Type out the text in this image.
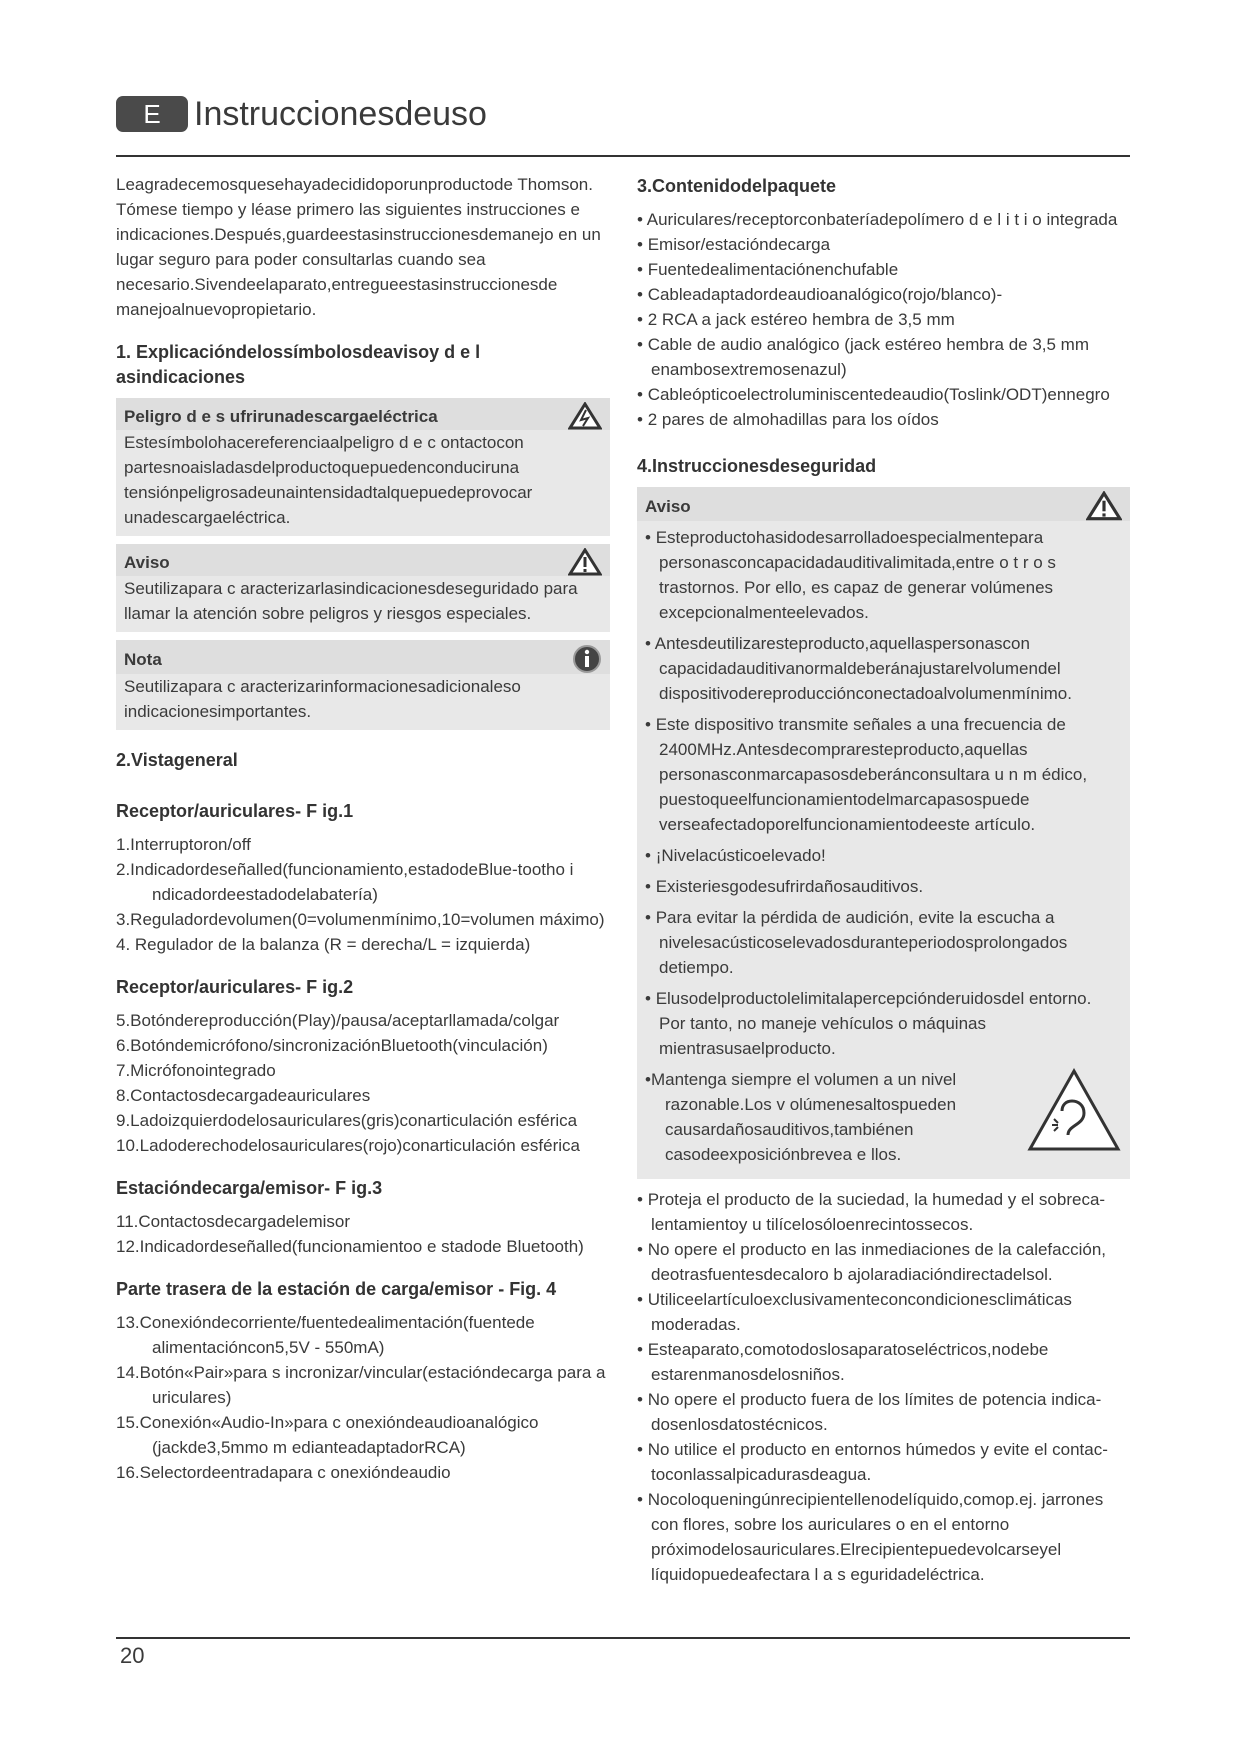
E Instruccionesdeuso

Leagradecemosquesehayadecididoporunproductode Thomson.

Tómese tiempo y léase primero las siguientes instrucciones e indicaciones.Después,guardeestasinstruccionesdemanejo en un lugar seguro para poder consultarlas cuando sea necesario.Sivendeelaparato,entregueestasinstruccionesde manejoalnuevopropietario.

1. Explicacióndelossímbolosdeavisoy d e l asindicaciones
Peligro d e s ufrirunadescargaeléctrica

Estesímbolohacereferenciaalpeligro d e c ontactocon partesnoaisladasdelproductoquepuedenconduciruna tensiónpeligrosadeunaintensidadtalquepuedeprovocar unadescargaeléctrica.

Aviso

Seutilizapara c aracterizarlasindicacionesdeseguridado para llamar la atención sobre peligros y riesgos especiales.

Nota

Seutilizapara c aracterizarinformacionesadicionaleso indicacionesimportantes.

2.Vistageneral
Receptor/auriculares- F ig.1

1.Interruptoron/off

2.Indicadordeseñalled(funcionamiento,estadodeBlue-tootho i ndicadordeestadodelabatería)

3.Reguladordevolumen(0=volumenmínimo,10=volumen máximo)

4. Regulador de la balanza (R = derecha/L = izquierda)

Receptor/auriculares- F ig.2

5.Botóndereproducción(Play)/pausa/aceptarllamada/colgar

6.Botóndemicrófono/sincronizaciónBluetooth(vinculación)

7.Micrófonointegrado

8.Contactosdecargadeauriculares

9.Ladoizquierdodelosauriculares(gris)conarticulación esférica

10.Ladoderechodelosauriculares(rojo)conarticulación esférica

Estacióndecarga/emisor- F ig.3

11.Contactosdecargadelemisor

12.Indicadordeseñalled(funcionamientoo e stadode Bluetooth)

Parte trasera de la estación de carga/emisor - Fig. 4

13.Conexióndecorriente/fuentedealimentación(fuentede alimentacióncon5,5V - 550mA)

14.Botón«Pair»para s incronizar/vincular(estacióndecarga para a uriculares)

15.Conexión«Audio-In»para c onexióndeaudioanalógico (jackde3,5mmo m edianteadaptadorRCA)

16.Selectordeentradapara c onexióndeaudio

3.Contenidodelpaquete
• Auriculares/receptorconbateríadepolímero d e l i t i o integrada
• Emisor/estacióndecarga
• Fuentedealimentaciónenchufable
• Cableadaptadordeaudioanalógico(rojo/blanco)-
• 2 RCA a jack estéreo hembra de 3,5 mm
• Cable de audio analógico (jack estéreo hembra de 3,5 mm enambosextremosenazul)
• Cableópticoelectroluminiscentedeaudio(Toslink/ODT)ennegro
• 2 pares de almohadillas para los oídos
4.Instruccionesdeseguridad
Aviso
• Esteproductohasidodesarrolladoespecialmentepara personasconcapacidadauditivalimitada,entre o t r o s trastornos. Por ello, es capaz de generar volúmenes excepcionalmenteelevados.
• Antesdeutilizaresteproducto,aquellaspersonascon capacidadauditivanormaldeberánajustarelvolumendel dispositivodereproducciónconectadoalvolumenmínimo.
• Este dispositivo transmite señales a una frecuencia de 2400MHz.Antesdecompraresteproducto,aquellas personasconmarcapasosdeberánconsultara u n m édico, puestoqueelfuncionamientodelmarcapasospuede verseafectadoporelfuncionamientodeeste artículo.
• ¡Nivelacústicoelevado!
• Existeriesgodesufrirdañosauditivos.
• Para evitar la pérdida de audición, evite la escucha a nivelesacústicoselevadosduranteperiodosprolongados detiempo.
• Elusodelproductolelimitalapercepciónderuidosdel entorno. Por tanto, no maneje vehículos o máquinas mientrasusaelproducto.
• Mantenga siempre el volumen a un nivel razonable.Los v olúmenesaltospueden causardañosauditivos,tambiénen casodeexposiciónbrevea e llos.
• Proteja el producto de la suciedad, la humedad y el sobreca-lentamientoy u tilícelosóloenrecintossecos.
• No opere el producto en las inmediaciones de la calefacción, deotrasfuentesdecaloro b ajolaradiacióndirectadelsol.
• Utiliceelartículoexclusivamenteconcondicionesclimáticas moderadas.
• Esteaparato,comotodoslosaparatoseléctricos,nodebe estarenmanosdelosniños.
• No opere el producto fuera de los límites de potencia indica-dosenlosdatostécnicos.
• No utilice el producto en entornos húmedos y evite el contac-toconlassalpicadurasdeagua.
• Nocoloqueningúnrecipientellenodelíquido,comop.ej. jarrones con flores, sobre los auriculares o en el entorno próximodelosauriculares.Elrecipientepuedevolcarseyel líquidopuedeafectara l a s eguridadeléctrica.
20
